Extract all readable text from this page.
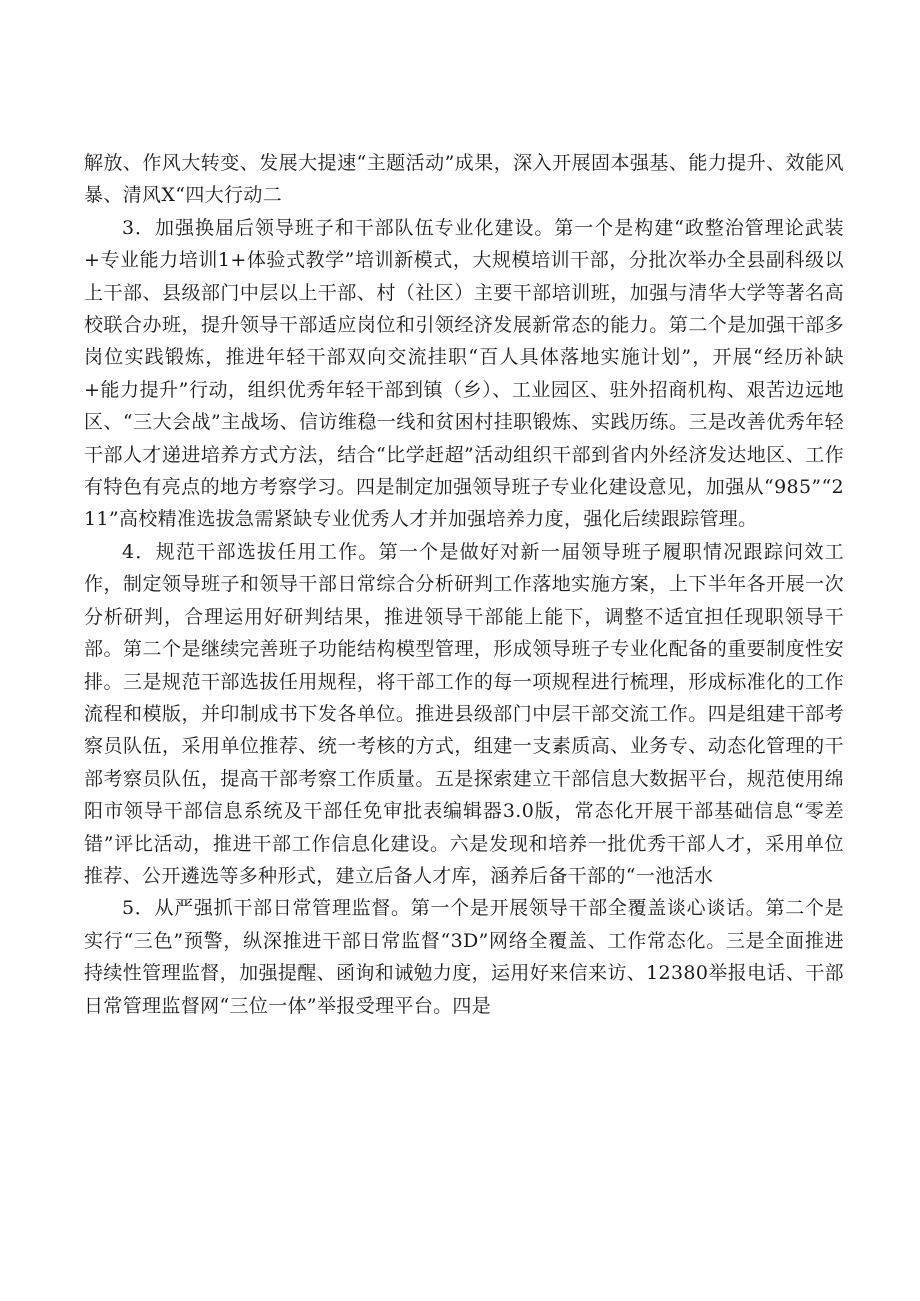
解放、作风大转变、发展大提速“主题活动”成果，深入开展固本强基、能力提升、效能风暴、清风X“四大行动二

3．加强换届后领导班子和干部队伍专业化建设。第一个是构建“政整治管理论武装+专业能力培训1+体验式教学”培训新模式，大规模培训干部，分批次举办全县副科级以上干部、县级部门中层以上干部、村（社区）主要干部培训班，加强与清华大学等著名高校联合办班，提升领导干部适应岗位和引领经济发展新常态的能力。第二个是加强干部多岗位实践锻炼，推进年轻干部双向交流挂职“百人具体落地实施计划”，开展“经历补缺+能力提升”行动，组织优秀年轻干部到镇（乡）、工业园区、驻外招商机构、艰苦边远地区、“三大会战”主战场、信访维稳一线和贫困村挂职锻炼、实践历练。三是改善优秀年轻干部人才递进培养方式方法，结合“比学赶超”活动组织干部到省内外经济发达地区、工作有特色有亮点的地方考察学习。四是制定加强领导班子专业化建设意见，加强从“985”“211”高校精准选拔急需紧缺专业优秀人才并加强培养力度，强化后续跟踪管理。

4．规范干部选拔任用工作。第一个是做好对新一届领导班子履职情况跟踪问效工作，制定领导班子和领导干部日常综合分析研判工作落地实施方案，上下半年各开展一次分析研判，合理运用好研判结果，推进领导干部能上能下，调整不适宜担任现职领导干部。第二个是继续完善班子功能结构模型管理，形成领导班子专业化配备的重要制度性安排。三是规范干部选拔任用规程，将干部工作的每一项规程进行梳理，形成标准化的工作流程和模版，并印制成书下发各单位。推进县级部门中层干部交流工作。四是组建干部考察员队伍，采用单位推荐、统一考核的方式，组建一支素质高、业务专、动态化管理的干部考察员队伍，提高干部考察工作质量。五是探索建立干部信息大数据平台，规范使用绵阳市领导干部信息系统及干部任免审批表编辑器3.0版，常态化开展干部基础信息“零差错”评比活动，推进干部工作信息化建设。六是发现和培养一批优秀干部人才，采用单位推荐、公开遴选等多种形式，建立后备人才库，涵养后备干部的“一池活水

5．从严强抓干部日常管理监督。第一个是开展领导干部全覆盖谈心谈话。第二个是实行“三色”预警，纵深推进干部日常监督“3D”网络全覆盖、工作常态化。三是全面推进持续性管理监督，加强提醒、函询和诫勉力度，运用好来信来访、12380举报电话、干部日常管理监督网“三位一体”举报受理平台。四是
